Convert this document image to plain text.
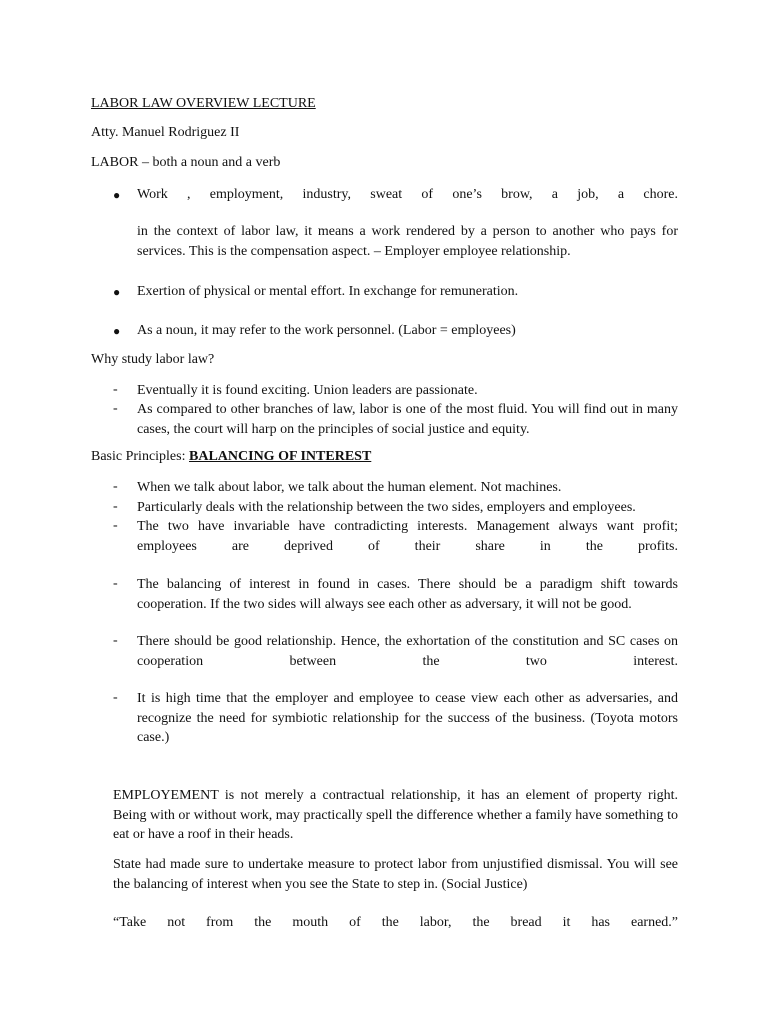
LABOR LAW OVERVIEW LECTURE
Atty. Manuel Rodriguez II
LABOR – both a noun and a verb
● Work , employment, industry, sweat of one’s brow, a job, a chore.
in the context of labor law, it means a work rendered by a person to another who pays for services. This is the compensation aspect. – Employer employee relationship.
● Exertion of physical or mental effort. In exchange for remuneration.
● As a noun, it may refer to the work personnel. (Labor = employees)
Why study labor law?
- Eventually it is found exciting. Union leaders are passionate.
- As compared to other branches of law, labor is one of the most fluid. You will find out in many cases, the court will harp on the principles of social justice and equity.
Basic Principles: BALANCING OF INTEREST
- When we talk about labor, we talk about the human element. Not machines.
- Particularly deals with the relationship between the two sides, employers and employees.
- The two have invariable have contradicting interests. Management always want profit; employees are deprived of their share in the profits.
- The balancing of interest in found in cases. There should be a paradigm shift towards cooperation. If the two sides will always see each other as adversary, it will not be good.
- There should be good relationship. Hence, the exhortation of the constitution and SC cases on cooperation between the two interest.
- It is high time that the employer and employee to cease view each other as adversaries, and recognize the need for symbiotic relationship for the success of the business. (Toyota motors case.)
EMPLOYEMENT is not merely a contractual relationship, it has an element of property right. Being with or without work, may practically spell the difference whether a family have something to eat or have a roof in their heads.
State had made sure to undertake measure to protect labor from unjustified dismissal. You will see the balancing of interest when you see the State to step in. (Social Justice)
“Take not from the mouth of the labor, the bread it has earned.”
